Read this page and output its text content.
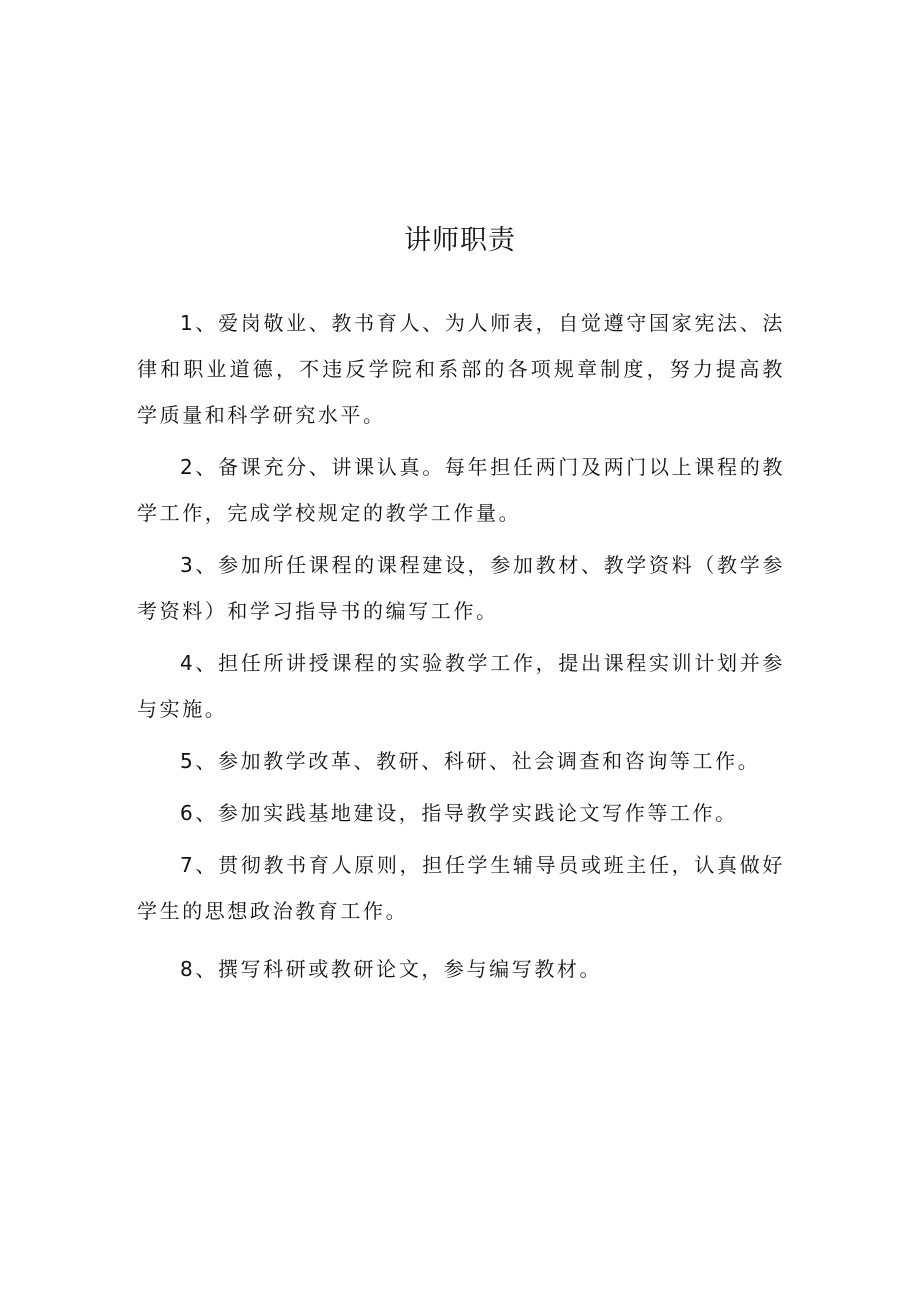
讲师职责

1、爱岗敬业、教书育人、为人师表，自觉遵守国家宪法、法律和职业道德，不违反学院和系部的各项规章制度，努力提高教学质量和科学研究水平。

2、备课充分、讲课认真。每年担任两门及两门以上课程的教学工作，完成学校规定的教学工作量。

3、参加所任课程的课程建设，参加教材、教学资料（教学参考资料）和学习指导书的编写工作。

4、担任所讲授课程的实验教学工作，提出课程实训计划并参与实施。

5、参加教学改革、教研、科研、社会调查和咨询等工作。

6、参加实践基地建设，指导教学实践论文写作等工作。

7、贯彻教书育人原则，担任学生辅导员或班主任，认真做好学生的思想政治教育工作。

8、撰写科研或教研论文，参与编写教材。
